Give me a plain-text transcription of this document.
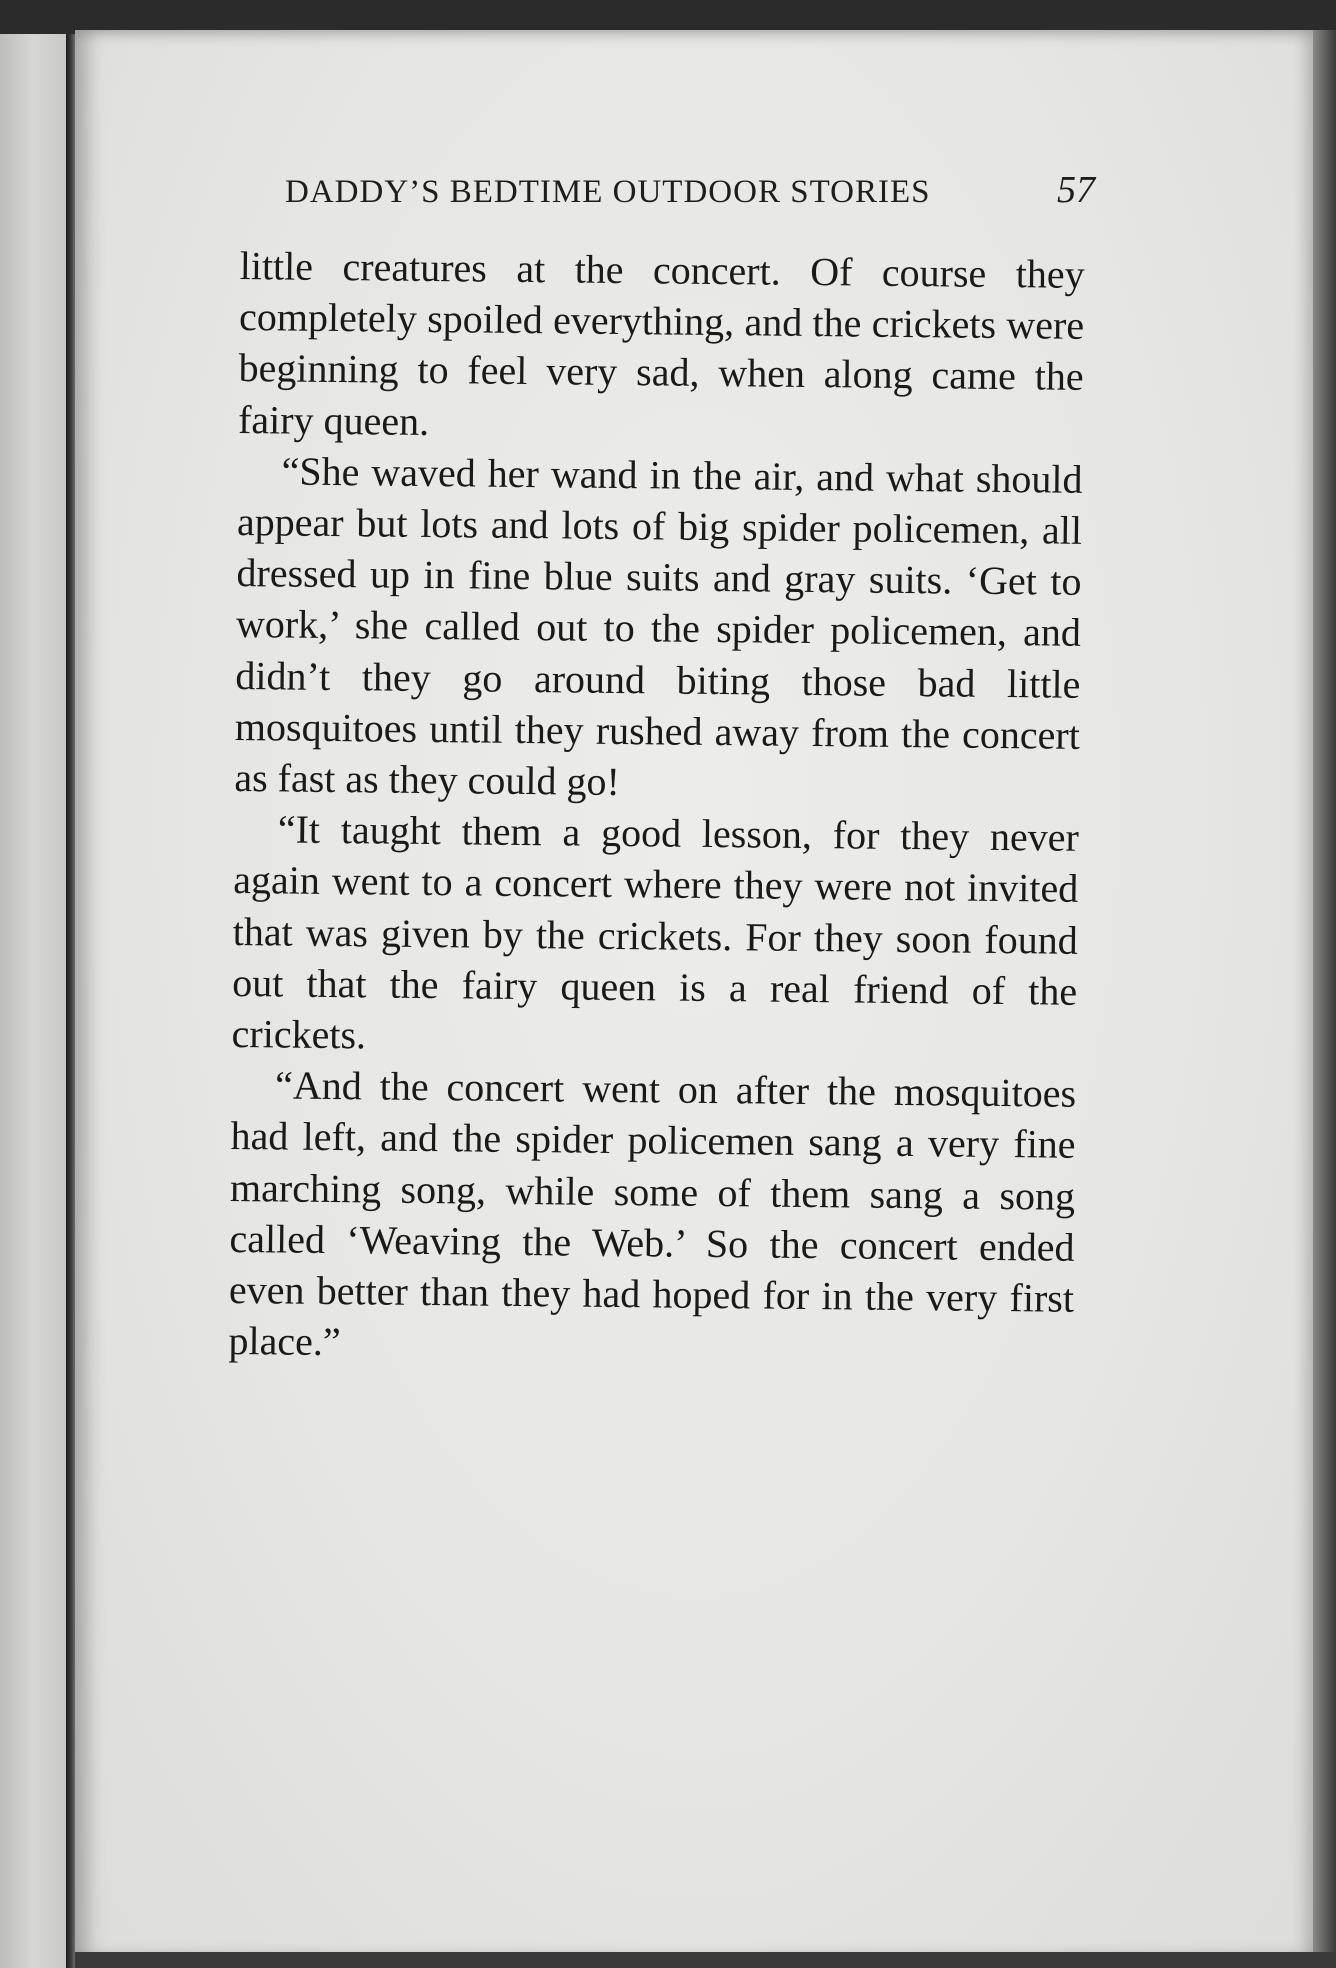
DADDY’S BEDTIME OUTDOOR STORIES	57

little creatures at the concert. Of course they completely spoiled everything, and the crickets were beginning to feel very sad, when along came the fairy queen.

“She waved her wand in the air, and what should appear but lots and lots of big spider policemen, all dressed up in fine blue suits and gray suits. ‘Get to work,’ she called out to the spider policemen, and didn’t they go around biting those bad little mosquitoes until they rushed away from the concert as fast as they could go!

“It taught them a good lesson, for they never again went to a concert where they were not invited that was given by the crickets. For they soon found out that the fairy queen is a real friend of the crickets.

“And the concert went on after the mosquitoes had left, and the spider policemen sang a very fine marching song, while some of them sang a song called ‘Weaving the Web.’ So the concert ended even better than they had hoped for in the very first place.”
